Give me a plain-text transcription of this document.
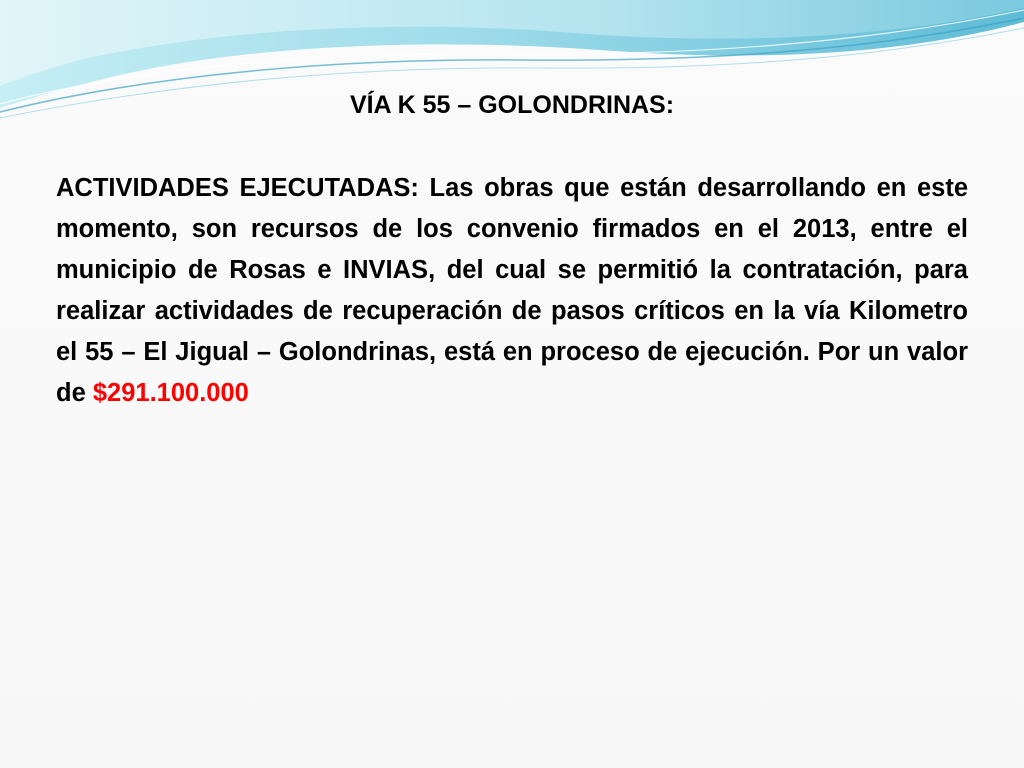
VÍA K 55 – GOLONDRINAS:

ACTIVIDADES EJECUTADAS: Las obras que están desarrollando en este momento, son recursos de los convenio firmados en el 2013, entre el municipio de Rosas e INVIAS, del cual se permitió la contratación, para realizar actividades de recuperación de pasos críticos en la vía Kilometro el 55 – El Jigual – Golondrinas, está en proceso de ejecución. Por un valor de $291.100.000
